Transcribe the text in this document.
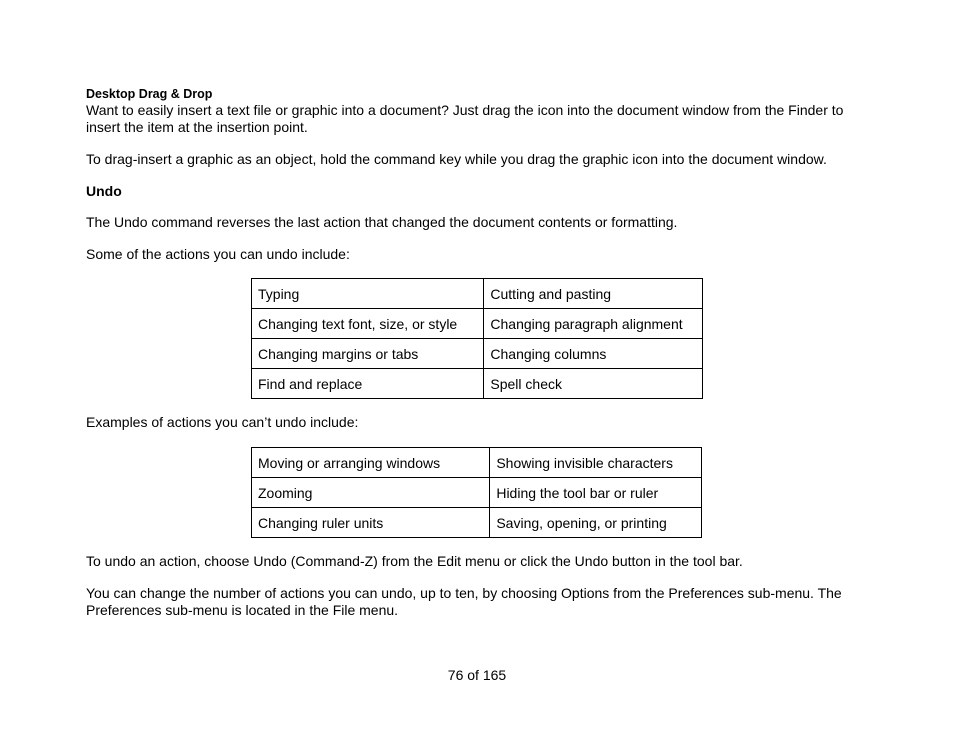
Desktop Drag & Drop

Want to easily insert a text file or graphic into a document? Just drag the icon into the document window from the Finder to insert the item at the insertion point.

To drag-insert a graphic as an object, hold the command key while you drag the graphic icon into the document window.

Undo

The Undo command reverses the last action that changed the document contents or formatting.

Some of the actions you can undo include:

Typing	Cutting and pasting
Changing text font, size, or style	Changing paragraph alignment
Changing margins or tabs	Changing columns
Find and replace	Spell check

Examples of actions you can’t undo include:

Moving or arranging windows	Showing invisible characters
Zooming	Hiding the tool bar or ruler
Changing ruler units	Saving, opening, or printing

To undo an action, choose Undo (Command-Z) from the Edit menu or click the Undo button in the tool bar.

You can change the number of actions you can undo, up to ten, by choosing Options from the Preferences sub-menu. The Preferences sub-menu is located in the File menu.

76 of 165
